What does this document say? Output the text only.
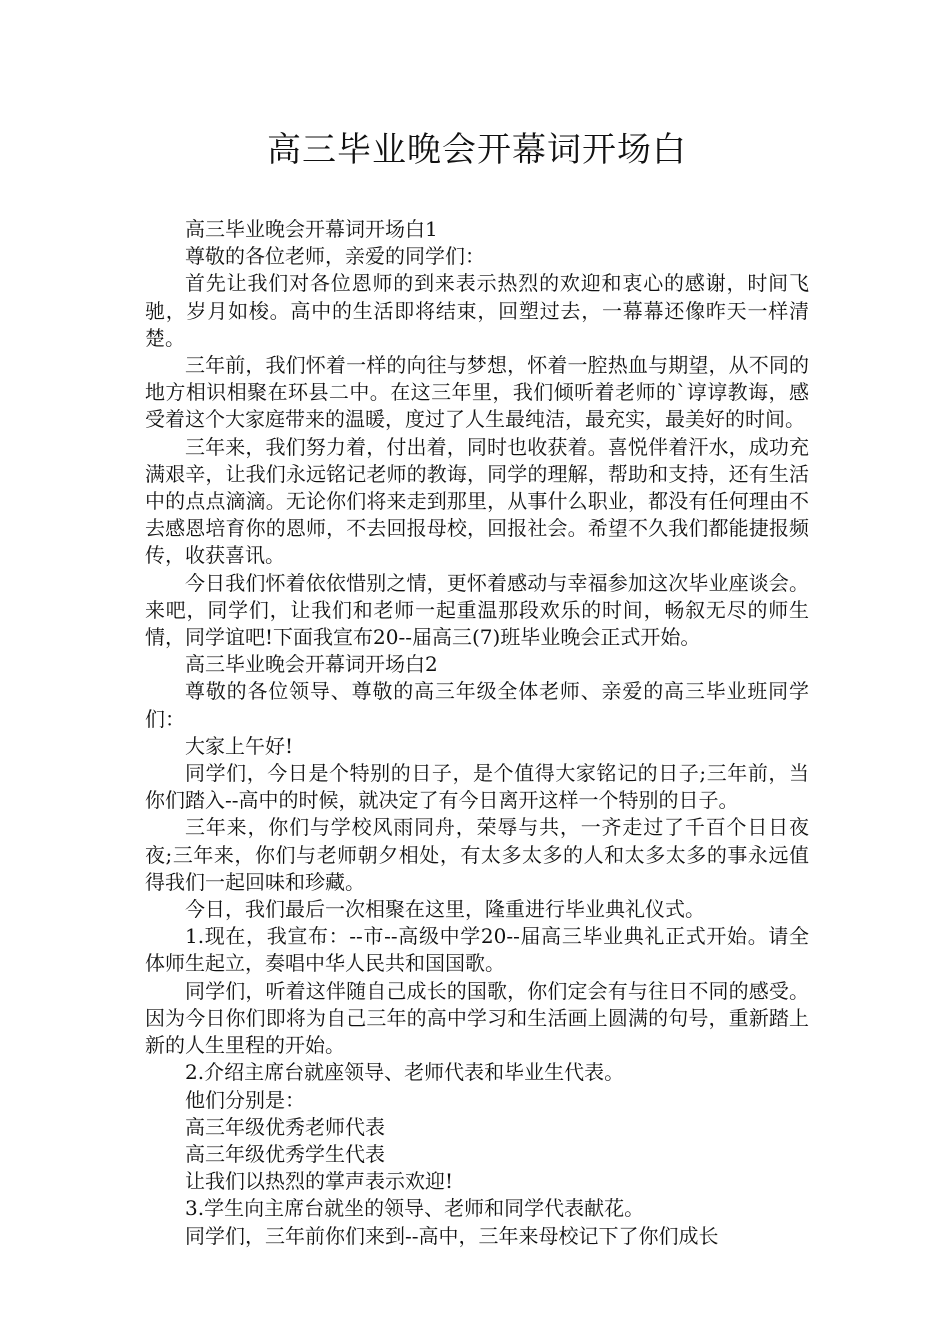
高三毕业晚会开幕词开场白

高三毕业晚会开幕词开场白1

尊敬的各位老师，亲爱的同学们：

首先让我们对各位恩师的到来表示热烈的欢迎和衷心的感谢，时间飞驰，岁月如梭。高中的生活即将结束，回塑过去，一幕幕还像昨天一样清楚。

三年前，我们怀着一样的向往与梦想，怀着一腔热血与期望，从不同的地方相识相聚在环县二中。在这三年里，我们倾听着老师的`谆谆教诲，感受着这个大家庭带来的温暖，度过了人生最纯洁，最充实，最美好的时间。

三年来，我们努力着，付出着，同时也收获着。喜悦伴着汗水，成功充满艰辛，让我们永远铭记老师的教诲，同学的理解，帮助和支持，还有生活中的点点滴滴。无论你们将来走到那里，从事什么职业，都没有任何理由不去感恩培育你的恩师，不去回报母校，回报社会。希望不久我们都能捷报频传，收获喜讯。

今日我们怀着依依惜别之情，更怀着感动与幸福参加这次毕业座谈会。来吧，同学们，让我们和老师一起重温那段欢乐的时间，畅叙无尽的师生情，同学谊吧!下面我宣布20--届高三(7)班毕业晚会正式开始。

高三毕业晚会开幕词开场白2

尊敬的各位领导、尊敬的高三年级全体老师、亲爱的高三毕业班同学们：

大家上午好!

同学们，今日是个特别的日子，是个值得大家铭记的日子;三年前，当你们踏入--高中的时候，就决定了有今日离开这样一个特别的日子。

三年来，你们与学校风雨同舟，荣辱与共，一齐走过了千百个日日夜夜;三年来，你们与老师朝夕相处，有太多太多的人和太多太多的事永远值得我们一起回味和珍藏。

今日，我们最后一次相聚在这里，隆重进行毕业典礼仪式。

1.现在，我宣布：--市--高级中学20--届高三毕业典礼正式开始。请全体师生起立，奏唱中华人民共和国国歌。

同学们，听着这伴随自己成长的国歌，你们定会有与往日不同的感受。因为今日你们即将为自己三年的高中学习和生活画上圆满的句号，重新踏上新的人生里程的开始。

2.介绍主席台就座领导、老师代表和毕业生代表。

他们分别是：

高三年级优秀老师代表

高三年级优秀学生代表

让我们以热烈的掌声表示欢迎!

3.学生向主席台就坐的领导、老师和同学代表献花。

同学们，三年前你们来到--高中，三年来母校记下了你们成长
